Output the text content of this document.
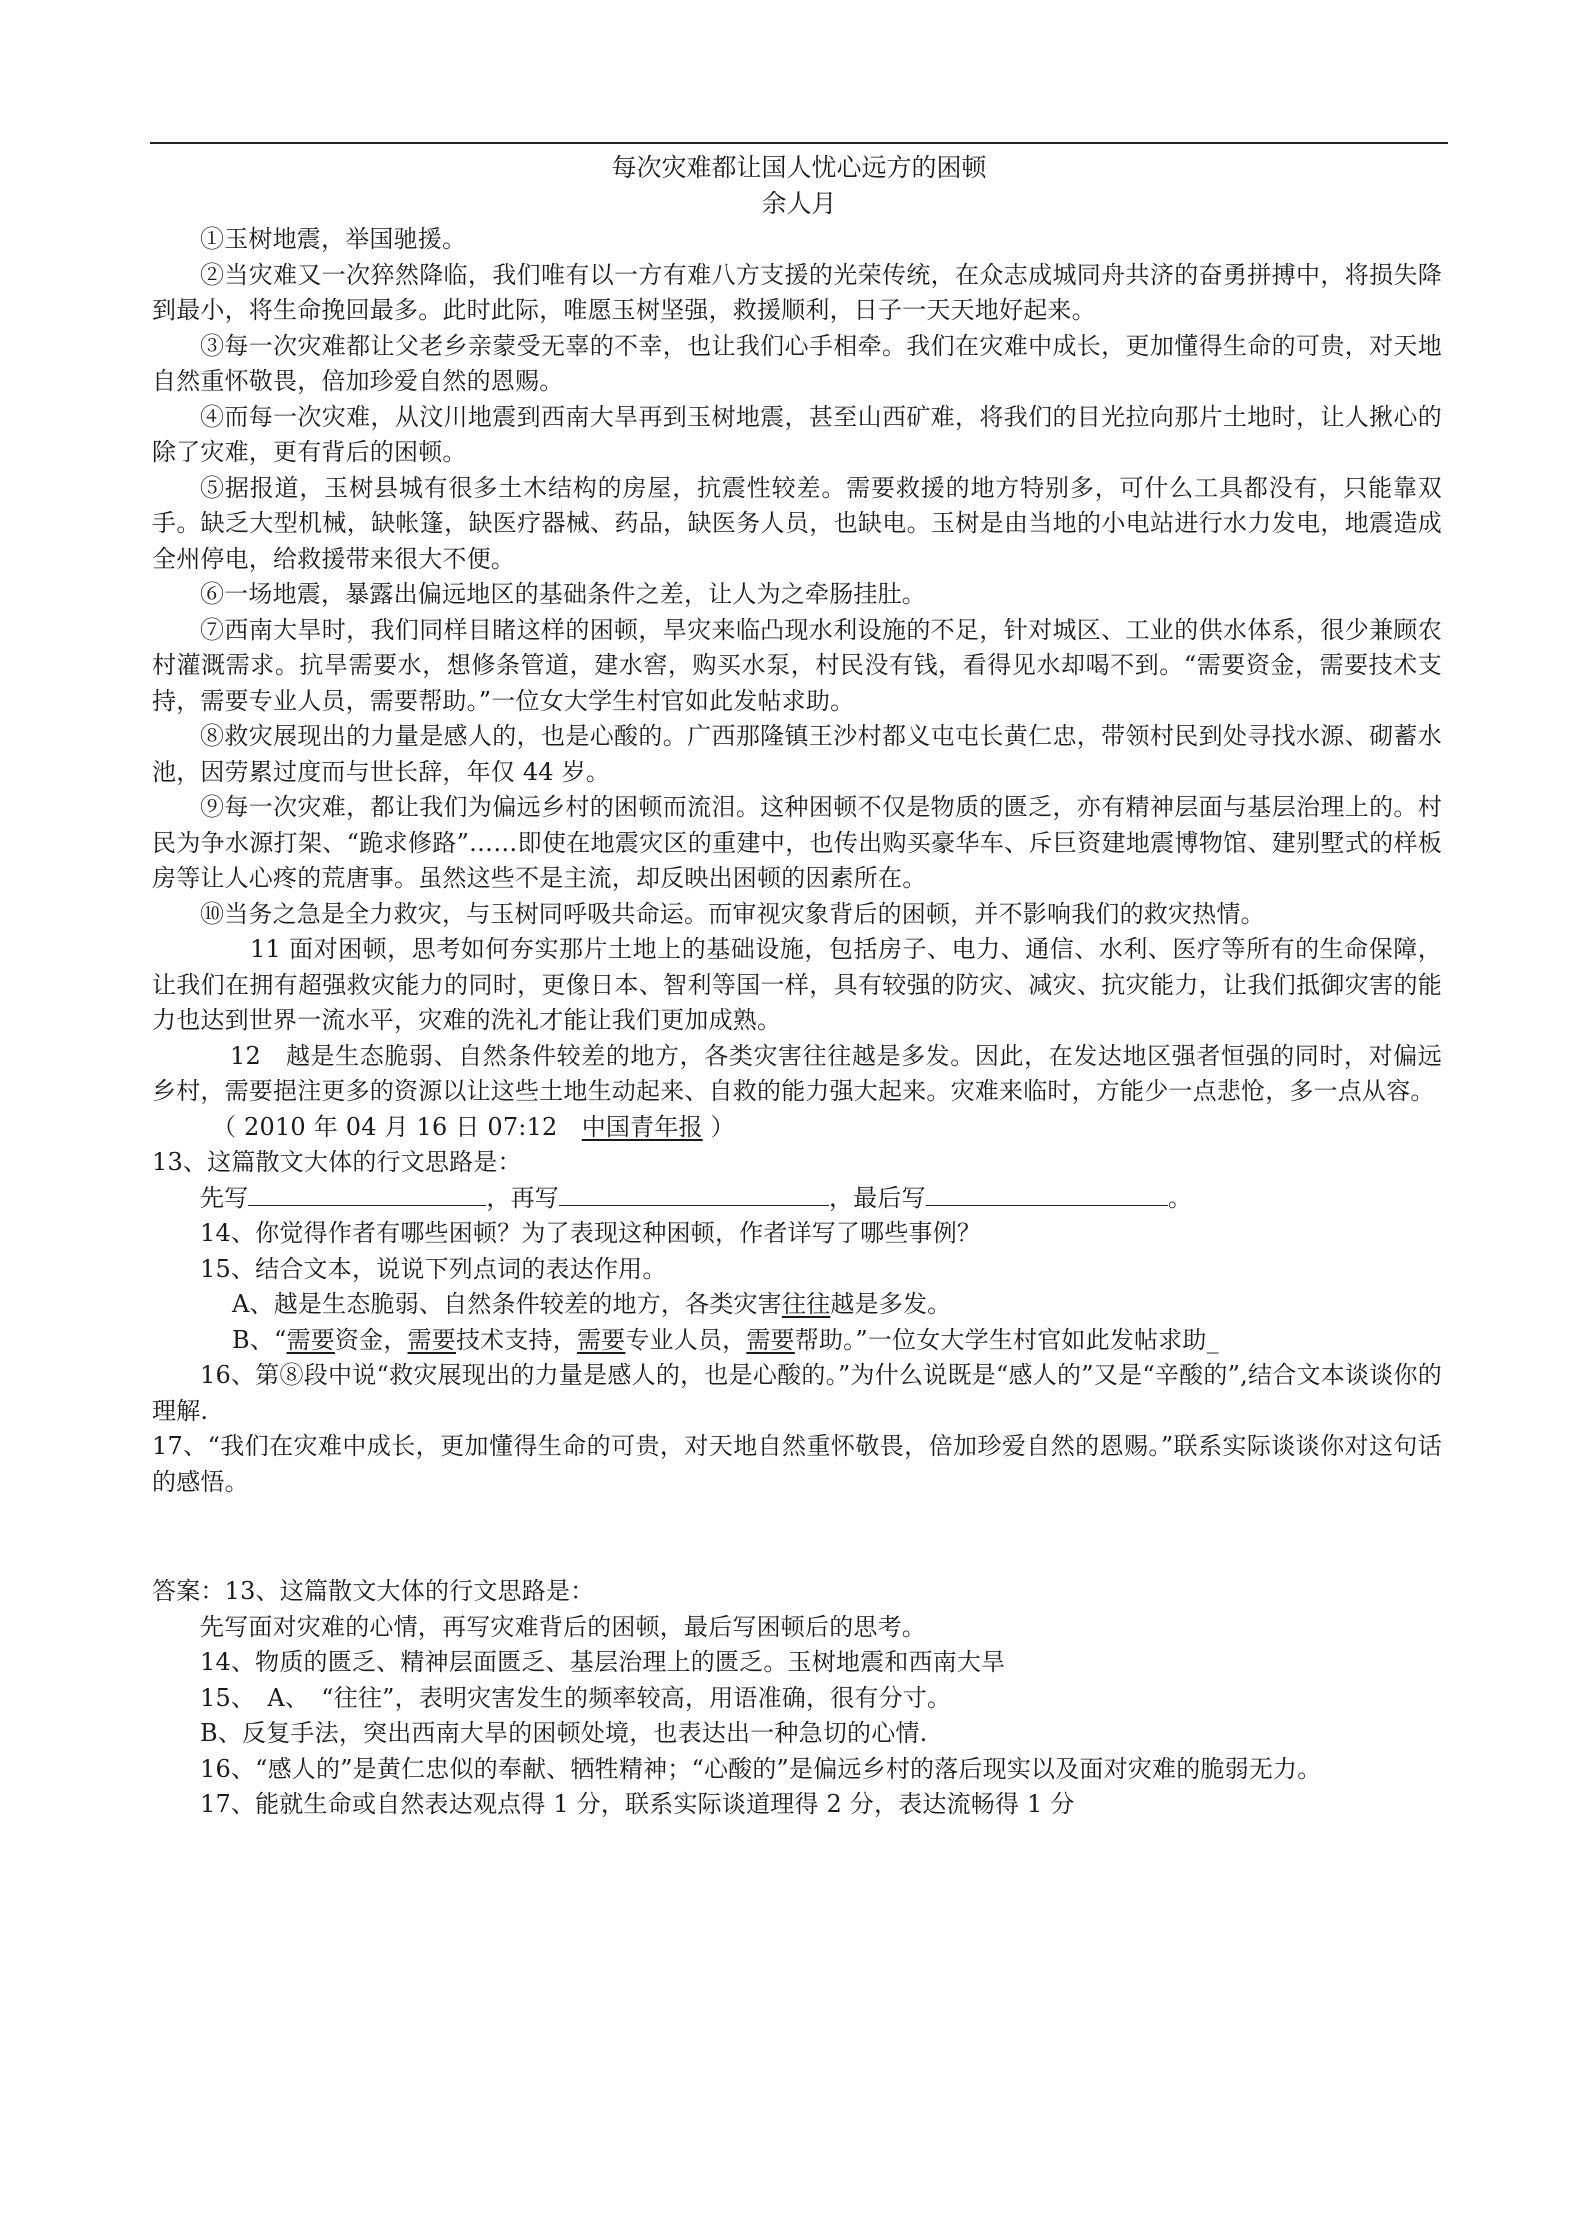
每次灾难都让国人忧心远方的困顿
余人月

①玉树地震，举国驰援。

②当灾难又一次猝然降临，我们唯有以一方有难八方支援的光荣传统，在众志成城同舟共济的奋勇拼搏中，将损失降到最小，将生命挽回最多。此时此际，唯愿玉树坚强，救援顺利，日子一天天地好起来。

③每一次灾难都让父老乡亲蒙受无辜的不幸，也让我们心手相牵。我们在灾难中成长，更加懂得生命的可贵，对天地自然重怀敬畏，倍加珍爱自然的恩赐。

④而每一次灾难，从汶川地震到西南大旱再到玉树地震，甚至山西矿难，将我们的目光拉向那片土地时，让人揪心的除了灾难，更有背后的困顿。

⑤据报道，玉树县城有很多土木结构的房屋，抗震性较差。需要救援的地方特别多，可什么工具都没有，只能靠双手。缺乏大型机械，缺帐篷，缺医疗器械、药品，缺医务人员，也缺电。玉树是由当地的小电站进行水力发电，地震造成全州停电，给救援带来很大不便。

⑥一场地震，暴露出偏远地区的基础条件之差，让人为之牵肠挂肚。

⑦西南大旱时，我们同样目睹这样的困顿，旱灾来临凸现水利设施的不足，针对城区、工业的供水体系，很少兼顾农村灌溉需求。抗旱需要水，想修条管道，建水窖，购买水泵，村民没有钱，看得见水却喝不到。“需要资金，需要技术支持，需要专业人员，需要帮助。”一位女大学生村官如此发帖求助。

⑧救灾展现出的力量是感人的，也是心酸的。广西那隆镇王沙村都义屯屯长黄仁忠，带领村民到处寻找水源、砌蓄水池，因劳累过度而与世长辞，年仅 44 岁。

⑨每一次灾难，都让我们为偏远乡村的困顿而流泪。这种困顿不仅是物质的匮乏，亦有精神层面与基层治理上的。村民为争水源打架、“跪求修路”……即使在地震灾区的重建中，也传出购买豪华车、斥巨资建地震博物馆、建别墅式的样板房等让人心疼的荒唐事。虽然这些不是主流，却反映出困顿的因素所在。

⑩当务之急是全力救灾，与玉树同呼吸共命运。而审视灾象背后的困顿，并不影响我们的救灾热情。

11 面对困顿，思考如何夯实那片土地上的基础设施，包括房子、电力、通信、水利、医疗等所有的生命保障，让我们在拥有超强救灾能力的同时，更像日本、智利等国一样，具有较强的防灾、减灾、抗灾能力，让我们抵御灾害的能力也达到世界一流水平，灾难的洗礼才能让我们更加成熟。

12　越是生态脆弱、自然条件较差的地方，各类灾害往往越是多发。因此，在发达地区强者恒强的同时，对偏远乡村，需要挹注更多的资源以让这些土地生动起来、自救的能力强大起来。灾难来临时，方能少一点悲怆，多一点从容。

（ 2010 年 04 月 16 日 07:12　中国青年报 ）

13、这篇散文大体的行文思路是：

先写	，再写	，最后写	。

14、你觉得作者有哪些困顿？为了表现这种困顿，作者详写了哪些事例？

15、结合文本，说说下列点词的表达作用。

A、越是生态脆弱、自然条件较差的地方，各类灾害往往越是多发。

B、“需要资金，需要技术支持，需要专业人员，需要帮助。”一位女大学生村官如此发帖求助_

16、第⑧段中说“救灾展现出的力量是感人的，也是心酸的。”为什么说既是“感人的”又是“辛酸的”,结合文本谈谈你的理解.

17、“我们在灾难中成长，更加懂得生命的可贵，对天地自然重怀敬畏，倍加珍爱自然的恩赐。”联系实际谈谈你对这句话的感悟。

答案：13、这篇散文大体的行文思路是：

先写面对灾难的心情，再写灾难背后的困顿，最后写困顿后的思考。

14、物质的匮乏、精神层面匮乏、基层治理上的匮乏。玉树地震和西南大旱

15、　A、　“往往”，表明灾害发生的频率较高，用语准确，很有分寸。

B、反复手法，突出西南大旱的困顿处境，也表达出一种急切的心情.

16、“感人的”是黄仁忠似的奉献、牺牲精神；“心酸的”是偏远乡村的落后现实以及面对灾难的脆弱无力。

17、能就生命或自然表达观点得 1 分，联系实际谈道理得 2 分，表达流畅得 1 分
